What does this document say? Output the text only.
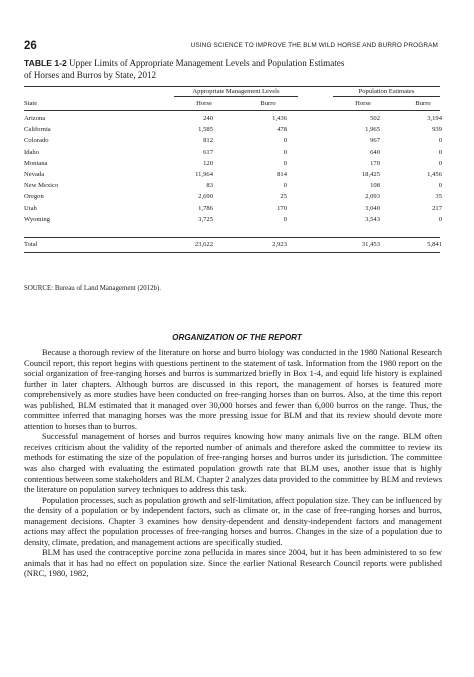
26	USING SCIENCE TO IMPROVE THE BLM WILD HORSE AND BURRO PROGRAM
TABLE 1-2 Upper Limits of Appropriate Management Levels and Population Estimates
of Horses and Burros by State, 2012
Appropriate Management Levels	Population Estimates
State	Horse	Burro	Horse	Burro
Arizona	240	1,436	502	3,194
California	1,585	478	1,965	939
Colorado	812	0	967	0
Idaho	617	0	640	0
Montana	120	0	170	0
Nevada	11,964	814	18,425	1,456
New Mexico	83	0	108	0
Oregon	2,690	25	2,093	35
Utah	1,786	170	3,040	217
Wyoming	3,725	0	3,543	0
Total	23,622	2,923	31,453	5,841
SOURCE: Bureau of Land Management (2012b).
ORGANIZATION OF THE REPORT

Because a thorough review of the literature on horse and burro biology was conducted in the 1980 National Research Council report, this report begins with questions pertinent to the statement of task. Information from the 1980 report on the social organization of free-ranging horses and burros is summarized briefly in Box 1-4, and equid life history is explained further in later chapters. Although burros are discussed in this report, the management of horses is featured more comprehensively as more studies have been conducted on free-ranging horses than on burros. Also, at the time this report was published, BLM estimated that it managed over 30,000 horses and fewer than 6,000 burros on the range. Thus, the committee inferred that managing horses was the more pressing issue for BLM and that its review should devote more attention to horses than to burros.

Successful management of horses and burros requires knowing how many animals live on the range. BLM often receives criticism about the validity of the reported number of animals and therefore asked the committee to review its methods for estimating the size of the population of free-ranging horses and burros under its jurisdiction. The committee was also charged with evaluating the estimated population growth rate that BLM uses, another issue that is highly contentious between some stakeholders and BLM. Chapter 2 analyzes data provided to the committee by BLM and reviews the literature on population survey techniques to address this task.

Population processes, such as population growth and self-limitation, affect population size. They can be influenced by the density of a population or by independent factors, such as climate or, in the case of free-ranging horses and burros, management decisions. Chapter 3 examines how density-dependent and density-independent factors and management actions may affect the population processes of free-ranging horses and burros. Changes in the size of a population due to density, climate, predation, and management actions are specifically studied.

BLM has used the contraceptive porcine zona pellucida in mares since 2004, but it has been administered to so few animals that it has had no effect on population size. Since the earlier National Research Council reports were published (NRC, 1980, 1982,
